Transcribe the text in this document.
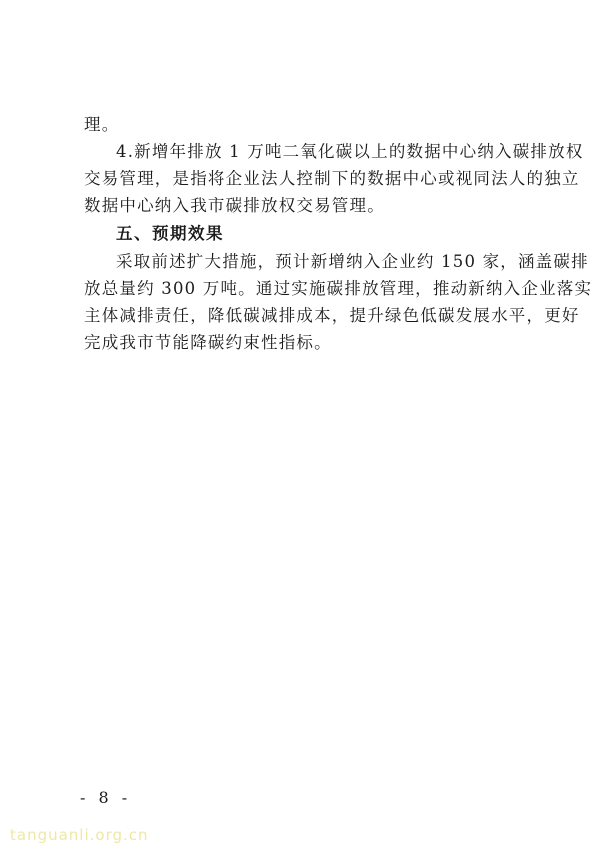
理。
4.新增年排放 1 万吨二氧化碳以上的数据中心纳入碳排放权
交易管理，是指将企业法人控制下的数据中心或视同法人的独立
数据中心纳入我市碳排放权交易管理。
五、预期效果
采取前述扩大措施，预计新增纳入企业约 150 家，涵盖碳排
放总量约 300 万吨。通过实施碳排放管理，推动新纳入企业落实
主体减排责任，降低碳减排成本，提升绿色低碳发展水平，更好
完成我市节能降碳约束性指标。
- 8 -
tanguanli.org.cn
